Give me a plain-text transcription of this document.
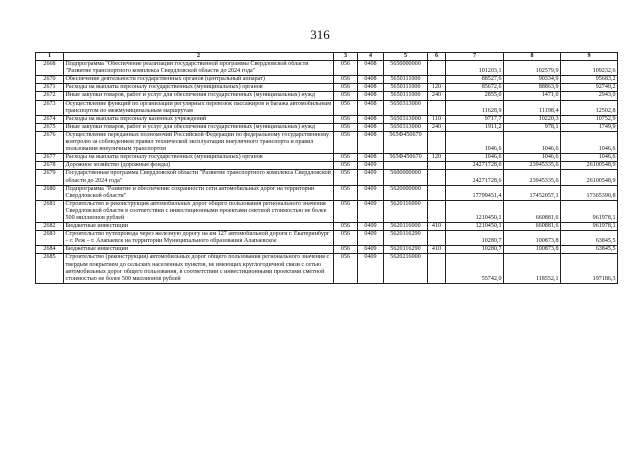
316
1	2	3	4	5	6	7	8	9
2668	Подпрограмма "Обеспечение реализации государственной программы Свердловской области "Развитие транспортного комплекса Свердловской области до 2024 года"	056	0408	5650000000		101203,1	102579,9	109232,6
2670	Обеспечение деятельности государственных органов (центральный аппарат)	056	0408	5650111000		88527,6	90334,9	95683,2
2671	Расходы на выплаты персоналу государственных (муниципальных) органов	056	0408	5650111000	120	85672,6	88863,9	92740,2
2672	Иные закупки товаров, работ и услуг для обеспечения государственных (муниципальных) нужд	056	0408	5650111000	240	2855,0	1471,0	2943,0
2673	Осуществление функций по организации регулярных перевозок пассажиров и багажа автомобильным транспортом по межмуниципальным маршрутам	056	0408	5650313000		11628,9	11198,4	12502,8
2674	Расходы на выплаты персоналу казенных учреждений	056	0408	5650313000	110	9717,7	10220,3	10752,9
2675	Иные закупки товаров, работ и услуг для обеспечения государственных (муниципальных) нужд	056	0408	5650313000	240	1911,2	978,1	1749,9
2676	Осуществление переданных полномочий Российской Федерации по федеральному государственному контролю за соблюдением правил технической эксплуатации внеуличного транспорта и правил пользования внеуличным транспортом	056	0408	565Ф450670		1046,6	1046,6	1046,6
2677	Расходы на выплаты персоналу государственных (муниципальных) органов	056	0408	565Ф450670	120	1046,6	1046,6	1046,6
2678	Дорожное хозяйство (дорожные фонды)	056	0409			24271728,6	23945335,6	26100548,9
2679	Государственная программа Свердловской области "Развитие транспортного комплекса Свердловской области до 2024 года"	056	0409	5600000000		24271728,6	23945335,6	26100548,9
2680	Подпрограмма "Развитие и обеспечение сохранности сети автомобильных дорог на территории Свердловской области"	056	0409	5620000000		17799451,4	17452057,1	17365390,8
2681	Строительство и реконструкция автомобильных дорог общего пользования регионального значения Свердловской области в соответствии с инвестиционными проектами сметной стоимостью не более 500 миллионов рублей	056	0409	5620116000		1210450,1	660881,6	961978,1
2682	Бюджетные инвестиции	056	0409	5620116000	410	1210450,1	660881,6	961978,1
2683	Строительство путепровода через железную дорогу на км 127 автомобильной дороги г. Екатеринбург – г. Реж – г. Алапаевск на территории Муниципального образования Алапаевское	056	0409	5620116290		10280,7	100873,8	63845,5
2684	Бюджетные инвестиции	056	0409	5620116290	410	10280,7	100873,8	63845,5
2685	Строительство (реконструкция) автомобильных дорог общего пользования регионального значения с твердым покрытием до сельских населенных пунктов, не имеющих круглогодичной связи с сетью автомобильных дорог общего пользования, в соответствии с инвестиционными проектами сметной стоимостью не более 500 миллионов рублей	056	0409	5620216000		55742,0	118552,1	197186,3
